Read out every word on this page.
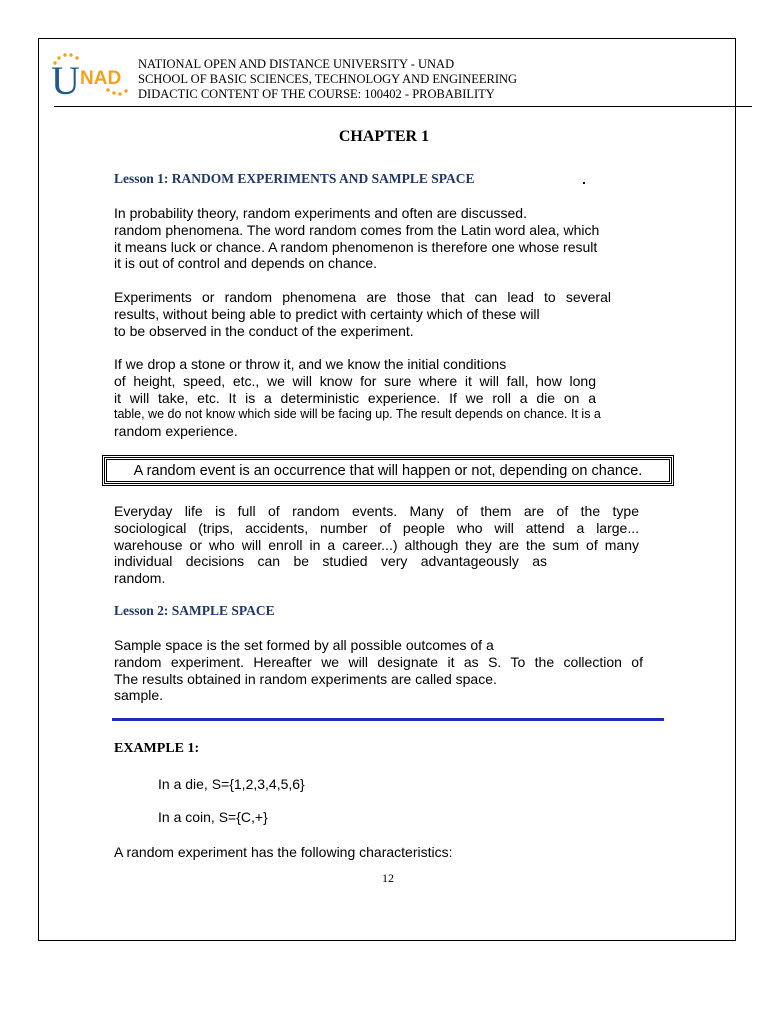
U NAD
NATIONAL OPEN AND DISTANCE UNIVERSITY - UNAD
SCHOOL OF BASIC SCIENCES, TECHNOLOGY AND ENGINEERING
DIDACTIC CONTENT OF THE COURSE: 100402 - PROBABILITY
CHAPTER 1
Lesson 1: RANDOM EXPERIMENTS AND SAMPLE SPACE	.
In probability theory, random experiments and often are discussed.
random phenomena. The word random comes from the Latin word alea, which
it means luck or chance. A random phenomenon is therefore one whose result
it is out of control and depends on chance.
Experiments or random phenomena are those that can lead to several
results, without being able to predict with certainty which of these will
to be observed in the conduct of the experiment.
If we drop a stone or throw it, and we know the initial conditions
of height, speed, etc., we will know for sure where it will fall, how long
it will take, etc. It is a deterministic experience. If we roll a die on a
table, we do not know which side will be facing up. The result depends on chance. It is a
random experience.
A random event is an occurrence that will happen or not, depending on chance.
Everyday life is full of random events. Many of them are of the type
sociological (trips, accidents, number of people who will attend a large...
warehouse or who will enroll in a career...) although they are the sum of many
individual decisions can be studied very advantageously as
random.
Lesson 2: SAMPLE SPACE
Sample space is the set formed by all possible outcomes of a
random experiment. Hereafter we will designate it as S. To the collection of
The results obtained in random experiments are called space.
sample.
EXAMPLE 1:
In a die, S={1,2,3,4,5,6}
In a coin, S={C,+}
A random experiment has the following characteristics:
12
